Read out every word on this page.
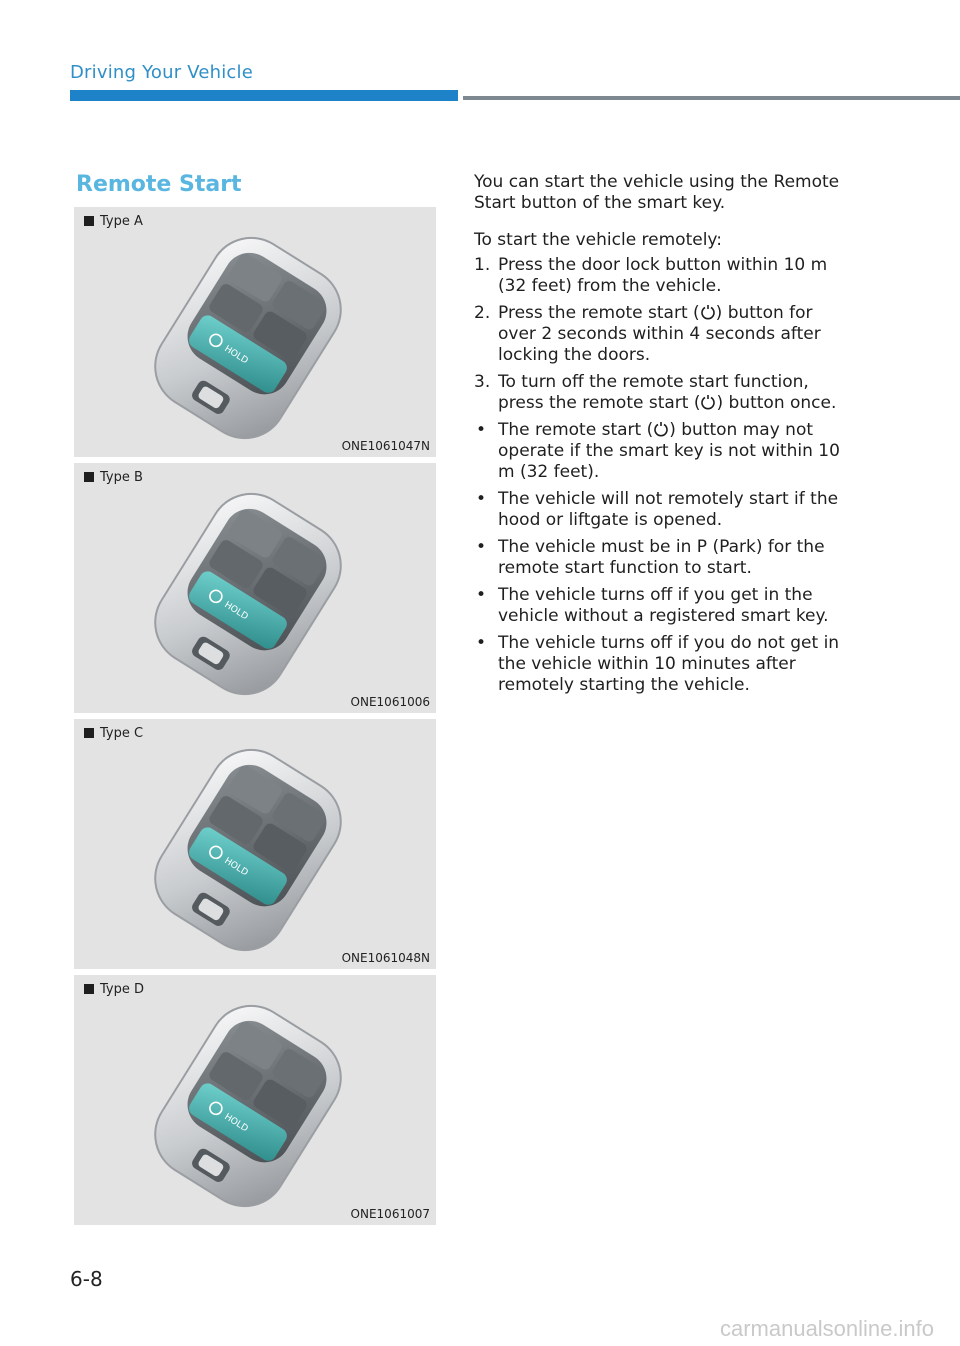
Driving Your Vehicle
Remote Start
Type A
ONE1061047N
Type B
ONE1061006
Type C
ONE1061048N
Type D
ONE1061007

You can start the vehicle using the Remote Start button of the smart key.

To start the vehicle remotely:

1. Press the door lock button within 10 m (32 feet) from the vehicle.
2. Press the remote start ( ) button for over 2 seconds within 4 seconds after locking the doors.
3. To turn off the remote start function, press the remote start ( ) button once.
• The remote start ( ) button may not operate if the smart key is not within 10 m (32 feet).
• The vehicle will not remotely start if the hood or liftgate is opened.
• The vehicle must be in P (Park) for the remote start function to start.
• The vehicle turns off if you get in the vehicle without a registered smart key.
• The vehicle turns off if you do not get in the vehicle within 10 minutes after remotely starting the vehicle.
6-8
carmanualsonline.info
